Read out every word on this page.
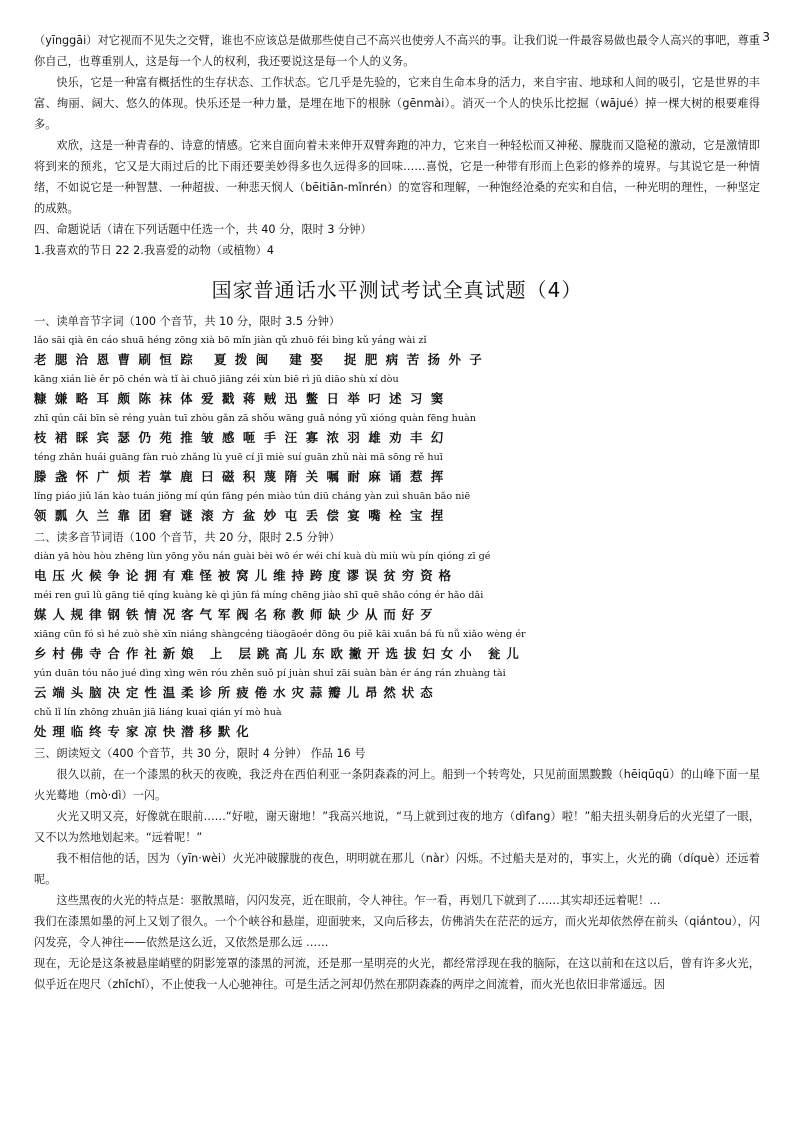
3

（yīnggāi）对它视而不见失之交臂，谁也不应该总是做那些使自己不高兴也使旁人不高兴的事。让我们说一件最容易做也最令人高兴的事吧，尊重你自己，也尊重别人，这是每一个人的权利，我还要说这是每一个人的义务。

快乐，它是一种富有概括性的生存状态、工作状态。它几乎是先验的，它来自生命本身的活力，来自宇宙、地球和人间的吸引，它是世界的丰富、绚丽、阔大、悠久的体现。快乐还是一种力量，是埋在地下的根脉（gēnmài）。消灭一个人的快乐比挖掘（wājué）掉一棵大树的根要难得多。

欢欣，这是一种青春的、诗意的情感。它来自面向着未来伸开双臂奔跑的冲力，它来自一种轻松而又神秘、朦胧而又隐秘的激动，它是激情即将到来的预兆，它又是大雨过后的比下雨还要美妙得多也久远得多的回味……喜悦，它是一种带有形而上色彩的修养的境界。与其说它是一种情绪，不如说它是一种智慧、一种超拔、一种悲天悯人（bēitiān-mǐnrén）的宽容和理解，一种饱经沧桑的充实和自信，一种光明的理性，一种坚定的成熟。

四、命题说话（请在下列话题中任选一个，共 40 分，限时 3 分钟）

1.我喜欢的节日 22 2.我喜爱的动物（或植物）4

国家普通话水平测试考试全真试题（4）

一、读单音节字词（100 个音节，共 10 分，限时 3.5 分钟）

lǎo sāi qià ēn cáo shuā héng zōng xià bō mǐn jiàn qǔ zhuō féi bìng kǔ yáng wài zǐ

老腮洽恩曹刷恒踪 夏拨闽 建娶 捉肥病苦扬外子

kāng xián liè ěr pō chén wà tǐ ài chuō jiāng zéi xùn biē rì jū diāo shù xí dòu

糠嫌略耳颇陈袜体爱戳蒋贼迅鳖日举叼述习窦

zhī qún cǎi bīn sè réng yuàn tuī zhòu gǎn zā shǒu wāng guǎ nóng yǔ xióng quàn fēng huàn

枝裙睬宾瑟仍苑推皱感咂手汪寡浓羽雄劝丰幻

téng zhǎn huái guāng fàn ruò zhǎng lù yuē cí jī miè suí guān zhǔ nài mā sōng rě huī

滕盏怀广烦若掌鹿曰磁积蔑隋关嘱耐麻诵惹挥

lǐng piáo jiǔ lán kào tuán jiǒng mí qún fǎng pén miào tún diū cháng yàn zuì shuān bǎo niē

领瓢久兰靠团窘谜滚方盆妙屯丢偿宴嘴栓宝捏

二、读多音节词语（100 个音节，共 20 分，限时 2.5 分钟）

diàn yā hòu hòu zhēng lùn yōng yǒu nán guài bèi wō ér wéi chí kuà dù miù wù pín qióng zī gé

电压火候争论拥有难怪被窝儿维持跨度谬误贫穷资格

méi ren guī lǜ gāng tiě qíng kuàng kè qì jūn fá míng chēng jiào shī quē shǎo cóng ér hǎo dǎi

媒人规律钢铁情况客气军阀名称教师缺少从而好歹

xiāng cūn fó sì hé zuò shè xīn niáng shàngcéng tiàogāoér dōng ōu piě kāi xuǎn bá fù nǚ xiǎo wèng ér

乡村佛寺合作社新娘 上 层跳高儿东欧撇开选拔妇女小 瓮儿

yún duān tóu nǎo jué dìng xìng wēn róu zhěn suǒ pí juàn shuǐ zāi suàn bàn ér áng rán zhuàng tài

云端头脑决定性温柔诊所疲倦水灾蒜瓣儿昂然状态

chǔ lǐ lín zhōng zhuān jiā liáng kuai qián yí mò huà

处理临终专家凉快潜移默化

三、朗读短文（400 个音节，共 30 分，限时 4 分钟） 作品 16 号

很久以前，在一个漆黑的秋天的夜晚，我泛舟在西伯利亚一条阴森森的河上。船到一个转弯处，只见前面黑黢黢（hēiqūqū）的山峰下面一星火光蓦地（mò·dì）一闪。

火光又明又亮，好像就在眼前……“好啦，谢天谢地！”我高兴地说，“马上就到过夜的地方（dìfang）啦！”船夫扭头朝身后的火光望了一眼，又不以为然地划起来。“远着呢！”

我不相信他的话，因为（yīn·wèi）火光冲破朦胧的夜色，明明就在那儿（nàr）闪烁。不过船夫是对的，事实上，火光的确（díquè）还远着呢。

这些黑夜的火光的特点是：驱散黑暗，闪闪发亮，近在眼前，令人神往。乍一看，再划几下就到了……其实却还远着呢！…

我们在漆黑如墨的河上又划了很久。一个个峡谷和悬崖，迎面驶来，又向后移去，仿佛消失在茫茫的远方，而火光却依然停在前头（qiántou），闪闪发亮，令人神往——依然是这么近，又依然是那么远 ……

现在，无论是这条被悬崖峭壁的阴影笼罩的漆黑的河流，还是那一星明亮的火光，都经常浮现在我的脑际，在这以前和在这以后，曾有许多火光，似乎近在咫尺（zhǐchǐ），不止使我一人心驰神往。可是生活之河却仍然在那阴森森的两岸之间流着，而火光也依旧非常遥远。因
